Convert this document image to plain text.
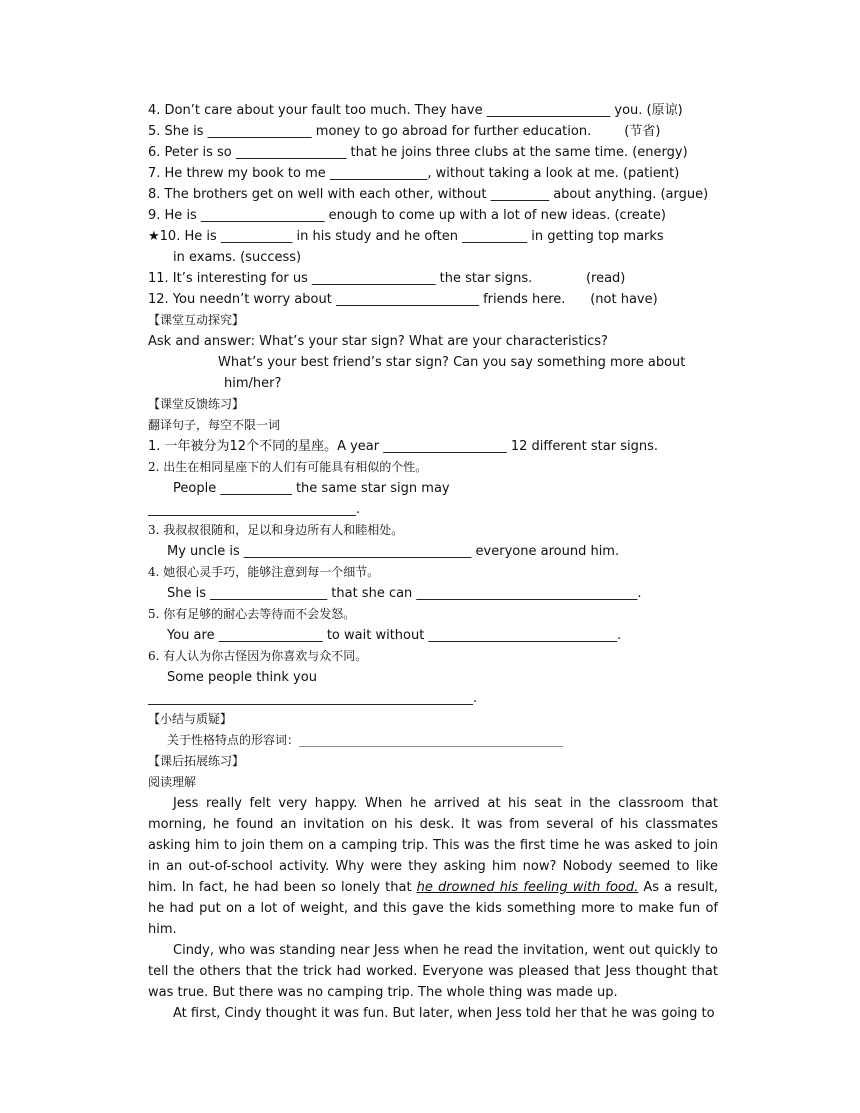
4. Don’t care about your fault too much. They have ___________________ you. (原谅)
5. She is ________________ money to go abroad for further education.        (节省)
6. Peter is so _________________ that he joins three clubs at the same time. (energy)
7. He threw my book to me _______________, without taking a look at me. (patient)
8. The brothers get on well with each other, without _________ about anything. (argue)
9. He is ___________________ enough to come up with a lot of new ideas. (create)
★10. He is ___________ in his study and he often __________ in getting top marks
in exams. (success)
11. It’s interesting for us ___________________ the star signs.             (read)
12. You needn’t worry about ______________________ friends here.      (not have)
【课堂互动探究】
Ask and answer: What’s your star sign? What are your characteristics?
What’s your best friend’s star sign? Can you say something more about
him/her?
【课堂反馈练习】
翻译句子，每空不限一词
1. 一年被分为12个不同的星座。A year ___________________ 12 different star signs.
2. 出生在相同星座下的人们有可能具有相似的个性。
People ___________ the same star sign may
________________________________.
3. 我叔叔很随和，足以和身边所有人和睦相处。
My uncle is ___________________________________ everyone around him.
4. 她很心灵手巧，能够注意到每一个细节。
She is __________________ that she can __________________________________.
5. 你有足够的耐心去等待而不会发怒。
You are ________________ to wait without _____________________________.
6. 有人认为你古怪因为你喜欢与众不同。
Some people think you
__________________________________________________.
【小结与质疑】
关于性格特点的形容词：____________________________________________
【课后拓展练习】
阅读理解

Jess really felt very happy. When he arrived at his seat in the classroom that morning, he found an invitation on his desk. It was from several of his classmates asking him to join them on a camping trip. This was the first time he was asked to join in an out-of-school activity. Why were they asking him now? Nobody seemed to like him. In fact, he had been so lonely that he drowned his feeling with food. As a result, he had put on a lot of weight, and this gave the kids something more to make fun of him.

Cindy, who was standing near Jess when he read the invitation, went out quickly to tell the others that the trick had worked. Everyone was pleased that Jess thought that was true. But there was no camping trip. The whole thing was made up.

At first, Cindy thought it was fun. But later, when Jess told her that he was going to
